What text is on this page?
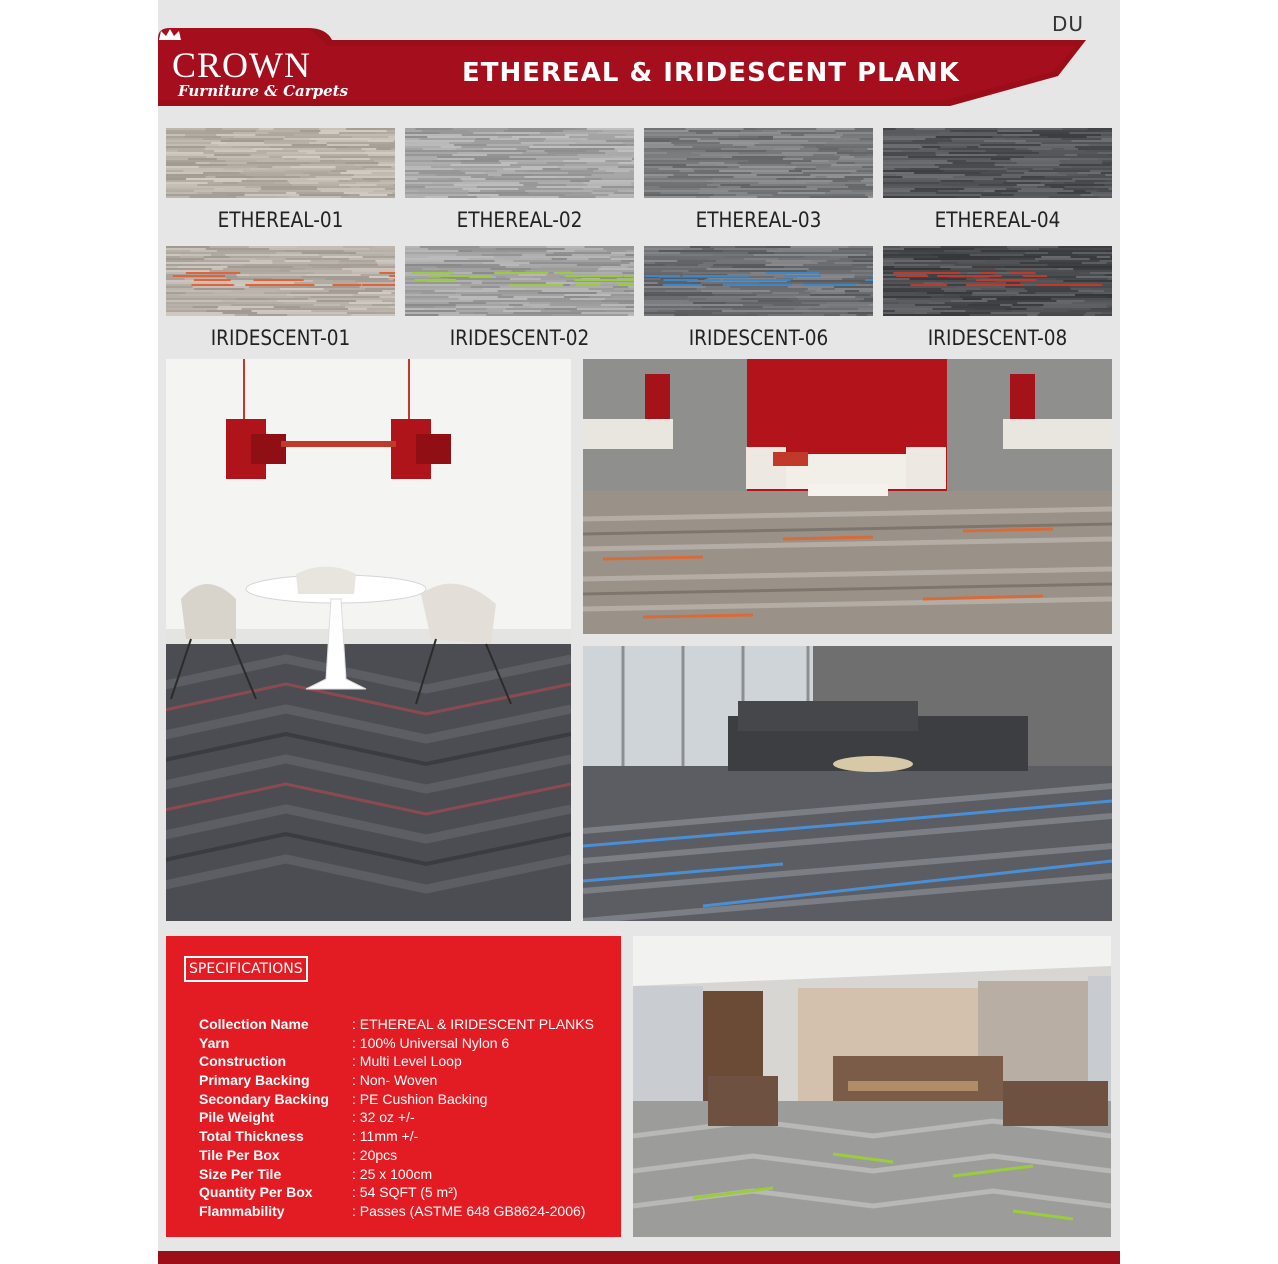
DU
CROWN
Furniture & Carpets
ETHEREAL & IRIDESCENT PLANK
ETHEREAL-01	ETHEREAL-02	ETHEREAL-03	ETHEREAL-04
IRIDESCENT-01	IRIDESCENT-02	IRIDESCENT-06	IRIDESCENT-08
SPECIFICATIONS
Collection Name	: ETHEREAL & IRIDESCENT PLANKS
Yarn	: 100% Universal Nylon 6
Construction	: Multi Level Loop
Primary Backing	: Non- Woven
Secondary Backing	: PE Cushion Backing
Pile Weight	: 32 oz +/-
Total Thickness	: 11mm +/-
Tile Per Box	: 20pcs
Size Per Tile	: 25 x 100cm
Quantity Per Box	: 54 SQFT (5 m²)
Flammability	: Passes (ASTME 648 GB8624-2006)
